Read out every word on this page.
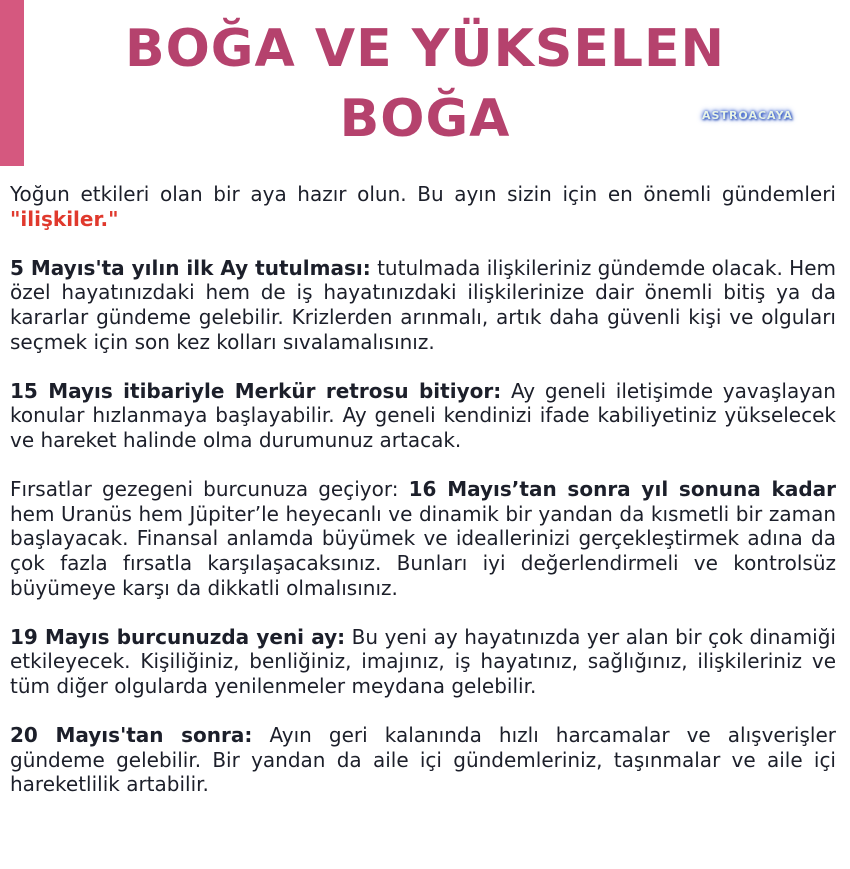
BOĞA VE YÜKSELEN
BOĞA	ASTROACAYA

Yoğun etkileri olan bir aya hazır olun. Bu ayın sizin için en önemli gündemleri "ilişkiler."

5 Mayıs'ta yılın ilk Ay tutulması: tutulmada ilişkileriniz gündemde olacak. Hem özel hayatınızdaki hem de iş hayatınızdaki ilişkilerinize dair önemli bitiş ya da kararlar gündeme gelebilir. Krizlerden arınmalı, artık daha güvenli kişi ve olguları seçmek için son kez kolları sıvalamalısınız.

15 Mayıs itibariyle Merkür retrosu bitiyor: Ay geneli iletişimde yavaşlayan konular hızlanmaya başlayabilir. Ay geneli kendinizi ifade kabiliyetiniz yükselecek ve hareket halinde olma durumunuz artacak.

Fırsatlar gezegeni burcunuza geçiyor: 16 Mayıs’tan sonra yıl sonuna kadar hem Uranüs hem Jüpiter’le heyecanlı ve dinamik bir yandan da kısmetli bir zaman başlayacak. Finansal anlamda büyümek ve ideallerinizi gerçekleştirmek adına da çok fazla fırsatla karşılaşacaksınız. Bunları iyi değerlendirmeli ve kontrolsüz büyümeye karşı da dikkatli olmalısınız.

19 Mayıs burcunuzda yeni ay: Bu yeni ay hayatınızda yer alan bir çok dinamiği etkileyecek. Kişiliğiniz, benliğiniz, imajınız, iş hayatınız, sağlığınız, ilişkileriniz ve tüm diğer olgularda yenilenmeler meydana gelebilir.

20 Mayıs'tan sonra: Ayın geri kalanında hızlı harcamalar ve alışverişler gündeme gelebilir. Bir yandan da aile içi gündemleriniz, taşınmalar ve aile içi hareketlilik artabilir.
